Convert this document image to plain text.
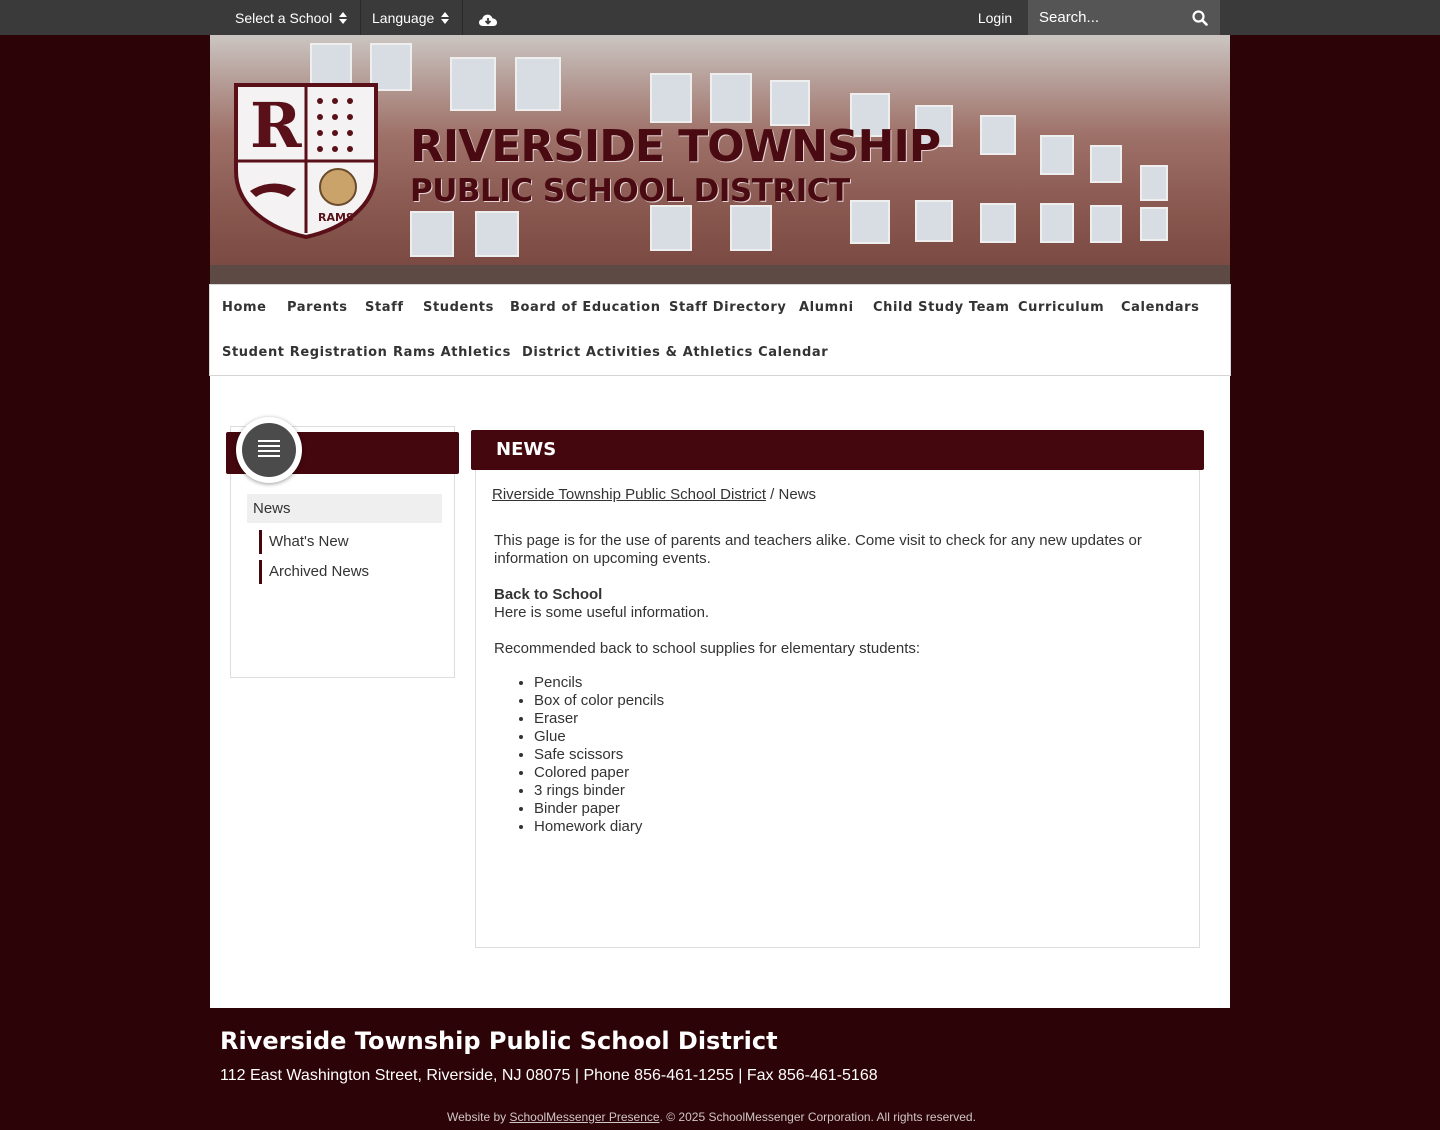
Select a School	Language	Login
Search...
R
RAMS
RIVERSIDE TOWNSHIP
PUBLIC SCHOOL DISTRICT
Home Parents Staff Students Board of Education Staff Directory Alumni Child Study Team Curriculum Calendars
Student Registration Rams Athletics District Activities & Athletics Calendar
News
What's New
Archived News
NEWS
Riverside Township Public School District / News
This page is for the use of parents and teachers alike. Come visit to check for any new updates or
information on upcoming events.
Back to School
Here is some useful information.
Recommended back to school supplies for elementary students:
• Pencils
• Box of color pencils
• Eraser
• Glue
• Safe scissors
• Colored paper
• 3 rings binder
• Binder paper
• Homework diary
Riverside Township Public School District
112 East Washington Street, Riverside, NJ 08075 | Phone 856-461-1255 | Fax 856-461-5168
Website by SchoolMessenger Presence. © 2025 SchoolMessenger Corporation. All rights reserved.
